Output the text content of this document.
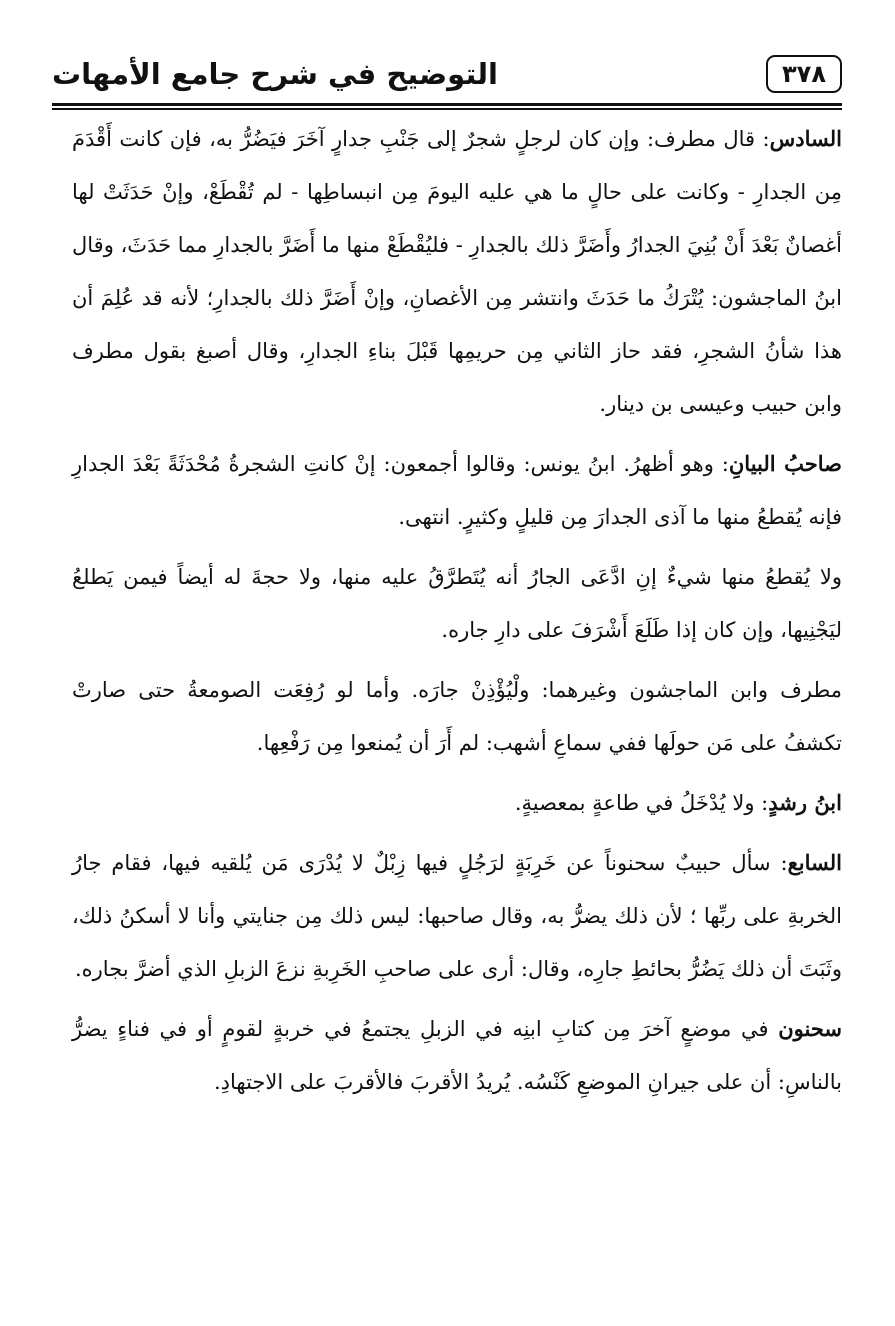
٣٧٨
التوضيح في شرح جامع الأمهات

السادس: قال مطرف: وإن كان لرجلٍ شجرٌ إلى جَنْبِ جدارٍ آخَرَ فيَضُرُّ به، فإن كانت أَقْدَمَ مِن الجدارِ - وكانت على حالٍ ما هي عليه اليومَ مِن انبساطِها - لم تُقْطَعْ، وإنْ حَدَثَتْ لها أغصانٌ بَعْدَ أَنْ بُنِيَ الجدارُ وأَضَرَّ ذلك بالجدارِ - فليُقْطَعْ منها ما أَضَرَّ بالجدارِ مما حَدَثَ، وقال ابنُ الماجشون: يُتْرَكُ ما حَدَثَ وانتشر مِن الأغصانِ، وإنْ أَضَرَّ ذلك بالجدارِ؛ لأنه قد عُلِمَ أن هذا شأنُ الشجرِ، فقد حاز الثاني مِن حريمِها قَبْلَ بناءِ الجدارِ، وقال أصبغ بقول مطرف وابن حبيب وعيسى بن دينار.

صاحبُ البيانِ: وهو أظهرُ. ابنُ يونس: وقالوا أجمعون: إنْ كانتِ الشجرةُ مُحْدَثَةً بَعْدَ الجدارِ فإنه يُقطعُ منها ما آذى الجدارَ مِن قليلٍ وكثيرٍ. انتهى.

ولا يُقطعُ منها شيءٌ إنِ ادَّعَى الجارُ أنه يُتَطرَّقُ عليه منها، ولا حجةَ له أيضاً فيمن يَطلعُ ليَجْنِيها، وإن كان إذا طَلَعَ أَشْرَفَ على دارِ جاره.

مطرف وابن الماجشون وغيرهما: ولْيُؤْذِنْ جارَه. وأما لو رُفِعَت الصومعةُ حتى صارتْ تكشفُ على مَن حولَها ففي سماعِ أشهب: لم أَرَ أن يُمنعوا مِن رَفْعِها.

ابنُ رشدٍ: ولا يُدْخَلُ في طاعةٍ بمعصيةٍ.

السابع: سأل حبيبٌ سحنوناً عن خَرِبَةٍ لرَجُلٍ فيها زِبْلٌ لا يُدْرَى مَن يُلقيه فيها، فقام جارُ الخربةِ على ربِّها ؛ لأن ذلك يضرُّ به، وقال صاحبها: ليس ذلك مِن جنايتي وأنا لا أسكنُ ذلك، وثَبَتَ أن ذلك يَضُرُّ بحائطِ جارِه، وقال: أرى على صاحبِ الخَرِبةِ نزعَ الزبلِ الذي أضرَّ بجاره.

سحنون في موضعٍ آخرَ مِن كتابِ ابنِه في الزبلِ يجتمعُ في خربةٍ لقومٍ أو في فناءٍ يضرُّ بالناسِ: أن على جيرانِ الموضعِ كَنْسُه. يُريدُ الأقربَ فالأقربَ على الاجتهادِ.
